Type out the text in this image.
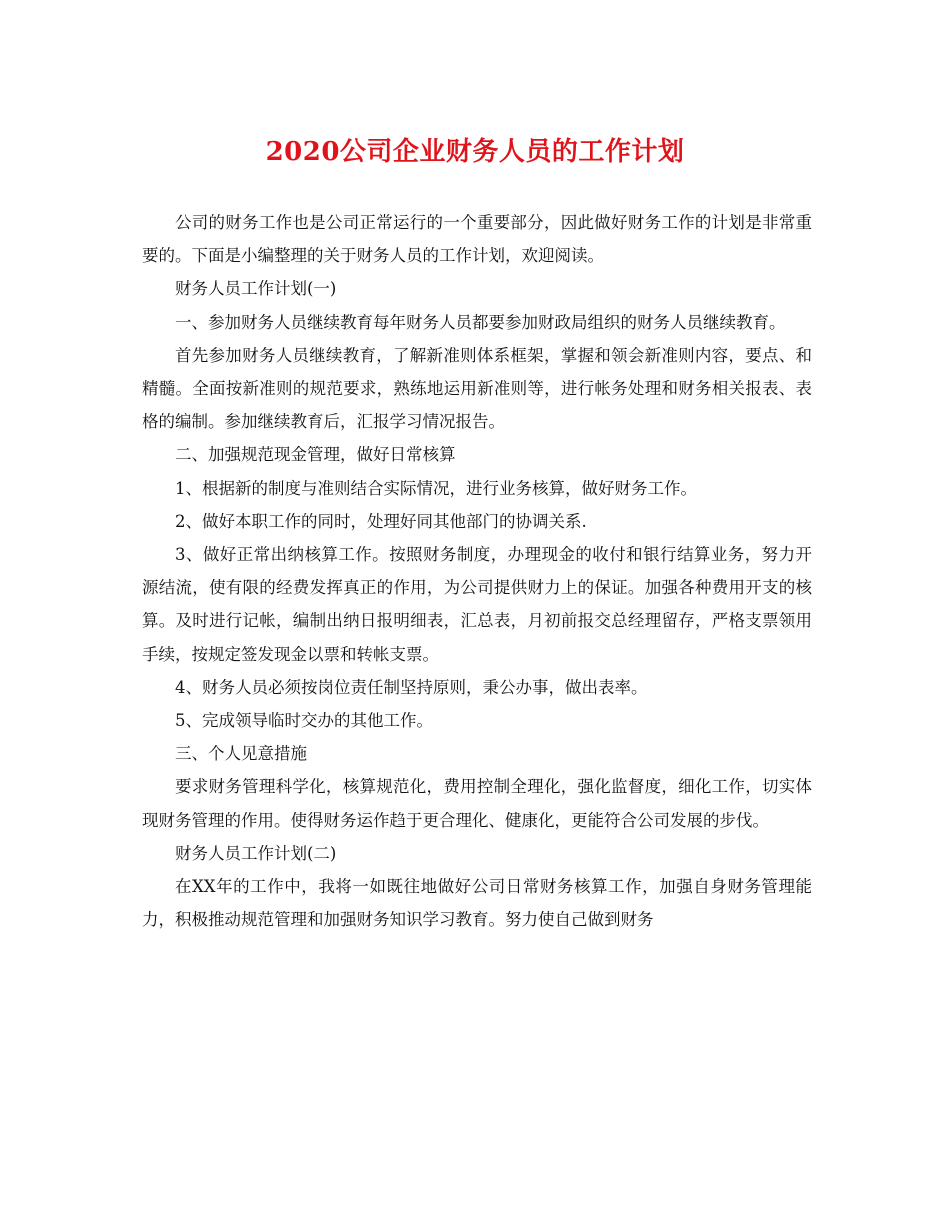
2020公司企业财务人员的工作计划

公司的财务工作也是公司正常运行的一个重要部分，因此做好财务工作的计划是非常重要的。下面是小编整理的关于财务人员的工作计划，欢迎阅读。

财务人员工作计划(一)

一、参加财务人员继续教育每年财务人员都要参加财政局组织的财务人员继续教育。

首先参加财务人员继续教育，了解新准则体系框架，掌握和领会新准则内容，要点、和精髓。全面按新准则的规范要求，熟练地运用新准则等，进行帐务处理和财务相关报表、表格的编制。参加继续教育后，汇报学习情况报告。

二、加强规范现金管理，做好日常核算

1、根据新的制度与准则结合实际情况，进行业务核算，做好财务工作。

2、做好本职工作的同时，处理好同其他部门的协调关系.

3、做好正常出纳核算工作。按照财务制度，办理现金的收付和银行结算业务，努力开源结流，使有限的经费发挥真正的作用，为公司提供财力上的保证。加强各种费用开支的核算。及时进行记帐，编制出纳日报明细表，汇总表，月初前报交总经理留存，严格支票领用手续，按规定签发现金以票和转帐支票。

4、财务人员必须按岗位责任制坚持原则，秉公办事，做出表率。

5、完成领导临时交办的其他工作。

三、个人见意措施

要求财务管理科学化，核算规范化，费用控制全理化，强化监督度，细化工作，切实体现财务管理的作用。使得财务运作趋于更合理化、健康化，更能符合公司发展的步伐。

财务人员工作计划(二)

在XX年的工作中，我将一如既往地做好公司日常财务核算工作，加强自身财务管理能力，积极推动规范管理和加强财务知识学习教育。努力使自己做到财务
